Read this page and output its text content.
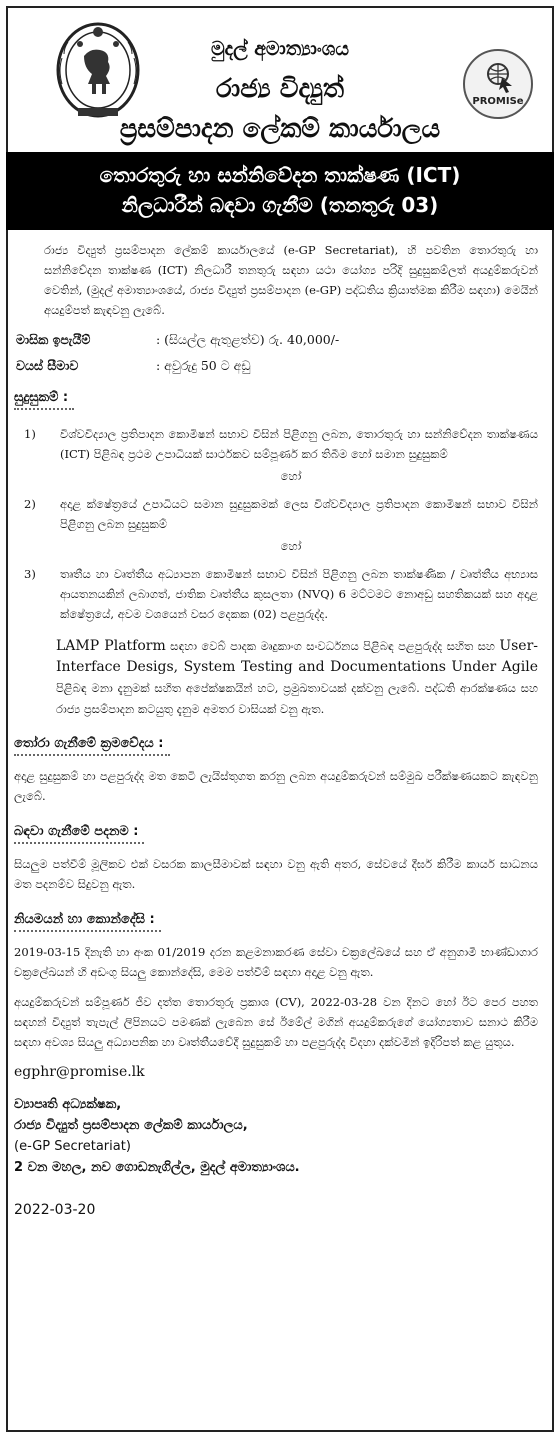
මුදල් අමාත්‍යාංශය
රාජ්‍ය විද්‍යුත්
ප්‍රසම්පාදන ලේකම් කාර්යාලය
PROMISe
තොරතුරු හා සන්නිවේදන තාක්ෂණ (ICT)
නිලධාරීන් බඳවා ගැනීම (තනතුරු 03)

රාජ්‍ය විද්‍යුත් ප්‍රසම්පාදන ලේකම් කාර්යාලයේ (e-GP Secretariat), හි පවතින තොරතුරු හා සන්නිවේදන තාක්ෂණ (ICT) නිලධාරී තනතුරු සඳහා යථා යෝග්‍ය පරිදි සුදුසුකම්ලත් අයදුම්කරුවන් වෙතින්, (මුදල් අමාත්‍යාංශයේ, රාජ්‍ය විද්‍යුත් ප්‍රසම්පාදන (e-GP) පද්ධතිය ක්‍රියාත්මක කිරීම සඳහා) මෙයින් අයදුම්පත් කැඳවනු ලැබේ.

මාසික ඉපැයීම්	: (සියල්ල ඇතුළත්ව) රු. 40,000/-
වයස් සීමාව	: අවුරුදු 50 ට අඩු
සුදුසුකම් :
1)	විශ්වවිද්‍යාල ප්‍රතිපාදන කොමිෂන් සභාව විසින් පිළිගනු ලබන, තොරතුරු හා සන්නිවේදන තාක්ෂණය (ICT) පිළිබඳ ප්‍රථම උපාධියක් සාර්ථකව සම්පූර්ණ කර තිබීම හෝ සමාන සුදුසුකම්
හෝ
2)	අදාළ ක්ෂේත්‍රයේ උපාධියට සමාන සුදුසුකමක් ලෙස විශ්වවිද්‍යාල ප්‍රතිපාදන කොමිෂන් සභාව විසින් පිළිගනු ලබන සුදුසුකම්
හෝ
3)	තෘතීය හා වෘත්තීය අධ්‍යාපන කොමිෂන් සභාව විසින් පිළිගනු ලබන තාක්ෂණික / වෘත්තීය අභ්‍යාස ආයතනයකින් ලබාගත්, ජාතික වෘත්තීය කුසලතා (NVQ) 6 මට්ටමට නොඅඩු සහතිකයක් සහ අදාළ ක්ෂේත්‍රයේ, අවම වශයෙන් වසර දෙකක (02) පළපුරුද්ද.
LAMP Platform සඳහා වෙබ් පාදක මෘදුකාංග සංවර්ධනය පිළිබඳ පළපුරුද්ද සහිත සහ User-Interface Desigs, System Testing and Documentations Under Agile පිළිබඳ මනා දැනුමක් සහිත අපේක්ෂකයින් හට, ප්‍රමුඛතාවයක් දක්වනු ලැබේ. පද්ධති ආරක්ෂණය සහ රාජ්‍ය ප්‍රසම්පාදන කටයුතු දැනුම අමතර වාසියක් වනු ඇත.
තෝරා ගැනීමේ ක්‍රමවේදය :

අදාළ සුදුසුකම් හා පළපුරුද්ද මත කෙටි ලැයිස්තුගත කරනු ලබන අයදුම්කරුවන් සම්මුඛ පරීක්ෂණයකට කැඳවනු ලැබේ.

බඳවා ගැනීමේ පදනම :

සියලුම පත්වීම් මූලිකව එක් වසරක කාලසීමාවක් සඳහා වනු ඇති අතර, සේවයේ දීර්ඝ කිරීම කාර්ය සාධනය මත පදනම්ව සිදුවනු ඇත.

නියමයන් හා කොන්දේසි :

2019-03-15 දිනැති හා අංක 01/2019 දරන කළමනාකරණ සේවා චක්‍රලේඛයේ සහ ඒ අනුගාමී භාණ්ඩාගාර චක්‍රලේඛයන් හි අඩංගු සියලු කොන්දේසි, මෙම පත්වීම් සඳහා අදාළ වනු ඇත.

අයදුම්කරුවන් සම්පූර්ණ ජීව දත්ත තොරතුරු ප්‍රකාශ (CV), 2022-03-28 වන දිනට හෝ ඊට පෙර පහත සඳහන් විද්‍යුත් තැපැල් ලිපිනයට පමණක් ලැබෙන සේ ඊමේල් මගින් අයදුම්කරුගේ යෝග්‍යතාව සනාථ කිරීම සඳහා අවශ්‍ය සියලු අධ්‍යාපනික හා වෘත්තීයවේදී සුදුසුකම් හා පළපුරුද්ද විදහා දක්වමින් ඉදිරිපත් කළ යුතුය.

egphr@promise.lk
ව්‍යාපෘති අධ්‍යක්ෂක,
රාජ්‍ය විද්‍යුත් ප්‍රසම්පාදන ලේකම් කාර්යාලය,
(e-GP Secretariat)
2 වන මහල, නව ගොඩනැගිල්ල, මුදල් අමාත්‍යාංශය.
2022-03-20
